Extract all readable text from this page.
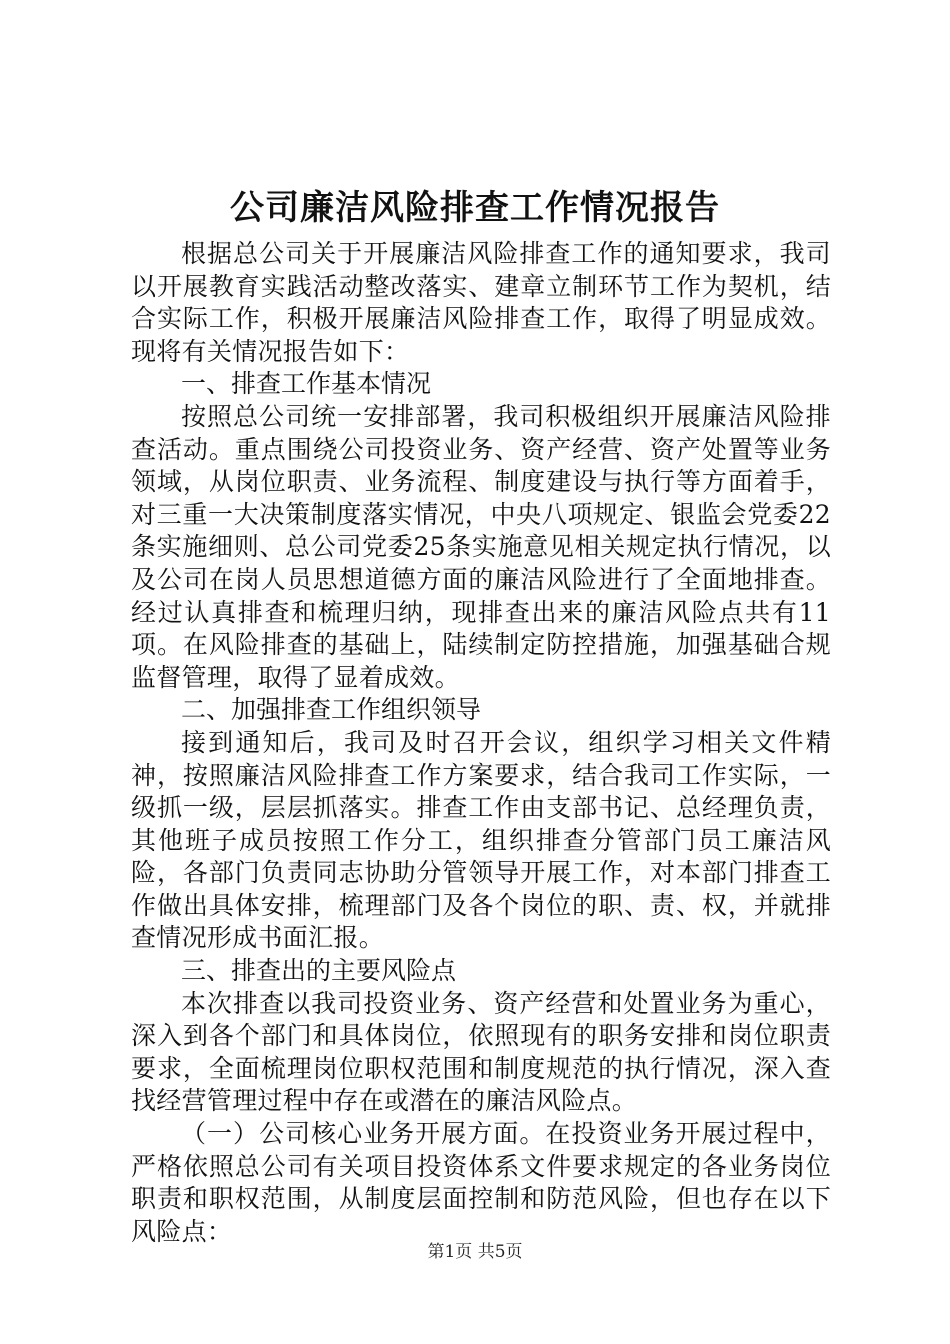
公司廉洁风险排查工作情况报告

根据总公司关于开展廉洁风险排查工作的通知要求，我司以开展教育实践活动整改落实、建章立制环节工作为契机，结合实际工作，积极开展廉洁风险排查工作，取得了明显成效。现将有关情况报告如下：

一、排查工作基本情况

按照总公司统一安排部署，我司积极组织开展廉洁风险排查活动。重点围绕公司投资业务、资产经营、资产处置等业务领域，从岗位职责、业务流程、制度建设与执行等方面着手，对三重一大决策制度落实情况，中央八项规定、银监会党委22条实施细则、总公司党委25条实施意见相关规定执行情况，以及公司在岗人员思想道德方面的廉洁风险进行了全面地排查。经过认真排查和梳理归纳，现排查出来的廉洁风险点共有11项。在风险排查的基础上，陆续制定防控措施，加强基础合规监督管理，取得了显着成效。

二、加强排查工作组织领导

接到通知后，我司及时召开会议，组织学习相关文件精神，按照廉洁风险排查工作方案要求，结合我司工作实际，一级抓一级，层层抓落实。排查工作由支部书记、总经理负责，其他班子成员按照工作分工，组织排查分管部门员工廉洁风险，各部门负责同志协助分管领导开展工作，对本部门排查工作做出具体安排，梳理部门及各个岗位的职、责、权，并就排查情况形成书面汇报。

三、排查出的主要风险点

本次排查以我司投资业务、资产经营和处置业务为重心，深入到各个部门和具体岗位，依照现有的职务安排和岗位职责要求，全面梳理岗位职权范围和制度规范的执行情况，深入查找经营管理过程中存在或潜在的廉洁风险点。

（一）公司核心业务开展方面。在投资业务开展过程中，严格依照总公司有关项目投资体系文件要求规定的各业务岗位职责和职权范围，从制度层面控制和防范风险，但也存在以下风险点：

第1页 共5页
